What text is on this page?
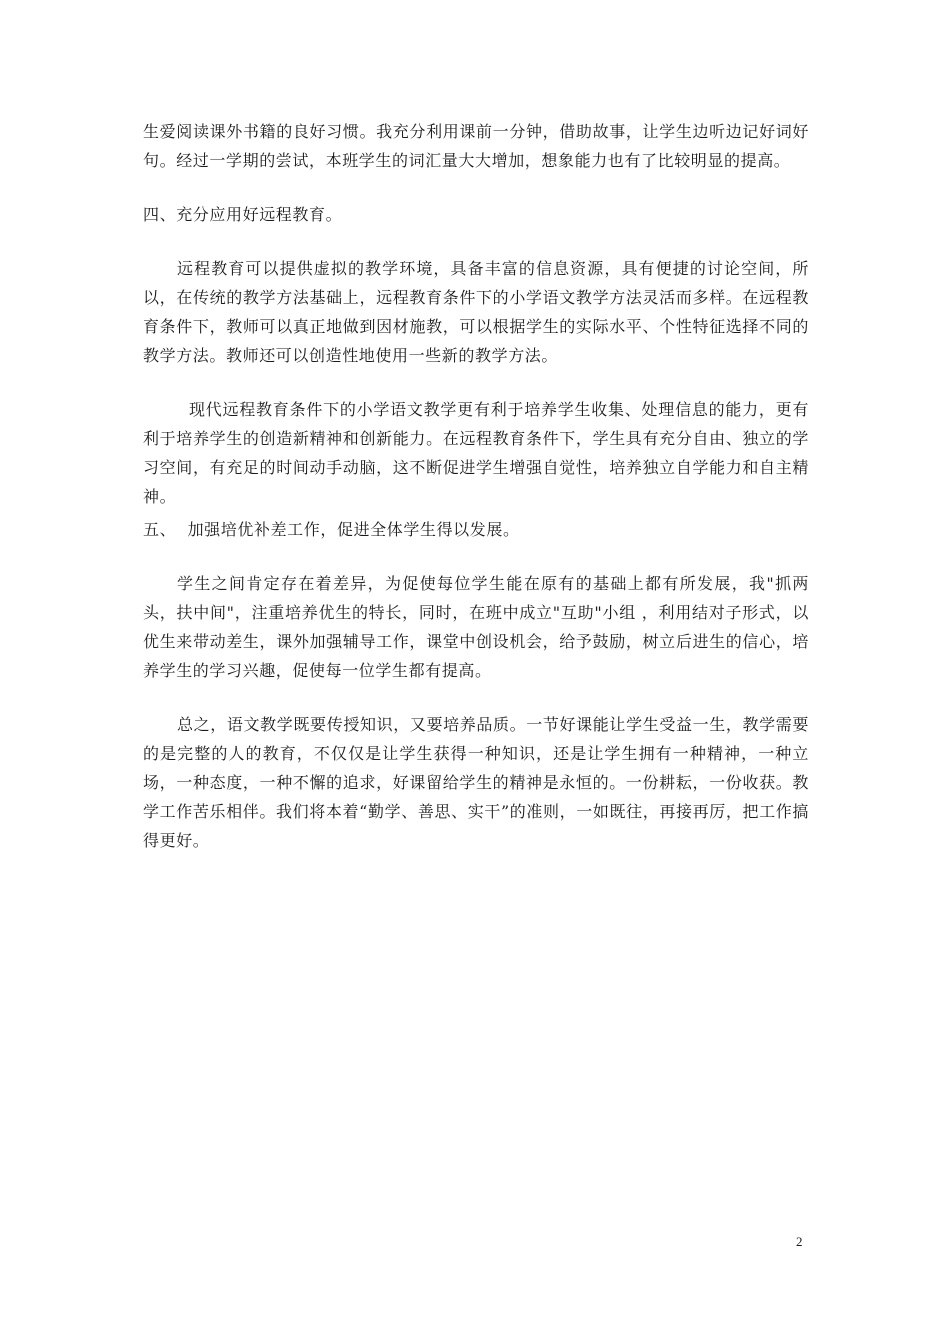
生爱阅读课外书籍的良好习惯。我充分利用课前一分钟，借助故事，让学生边听边记好词好句。经过一学期的尝试，本班学生的词汇量大大增加，想象能力也有了比较明显的提高。

四、充分应用好远程教育。

远程教育可以提供虚拟的教学环境，具备丰富的信息资源，具有便捷的讨论空间，所以，在传统的教学方法基础上，远程教育条件下的小学语文教学方法灵活而多样。在远程教育条件下，教师可以真正地做到因材施教，可以根据学生的实际水平、个性特征选择不同的教学方法。教师还可以创造性地使用一些新的教学方法。

现代远程教育条件下的小学语文教学更有利于培养学生收集、处理信息的能力，更有利于培养学生的创造新精神和创新能力。在远程教育条件下，学生具有充分自由、独立的学习空间，有充足的时间动手动脑，这不断促进学生增强自觉性，培养独立自学能力和自主精神。

五、  加强培优补差工作，促进全体学生得以发展。

学生之间肯定存在着差异，为促使每位学生能在原有的基础上都有所发展，我"抓两头，扶中间"，注重培养优生的特长，同时，在班中成立"互助"小组 ，利用结对子形式，以优生来带动差生，课外加强辅导工作，课堂中创设机会，给予鼓励，树立后进生的信心，培养学生的学习兴趣，促使每一位学生都有提高。

总之，语文教学既要传授知识，又要培养品质。一节好课能让学生受益一生，教学需要的是完整的人的教育，不仅仅是让学生获得一种知识，还是让学生拥有一种精神，一种立场，一种态度，一种不懈的追求，好课留给学生的精神是永恒的。一份耕耘，一份收获。教学工作苦乐相伴。我们将本着“勤学、善思、实干”的准则，一如既往，再接再厉，把工作搞得更好。

2
